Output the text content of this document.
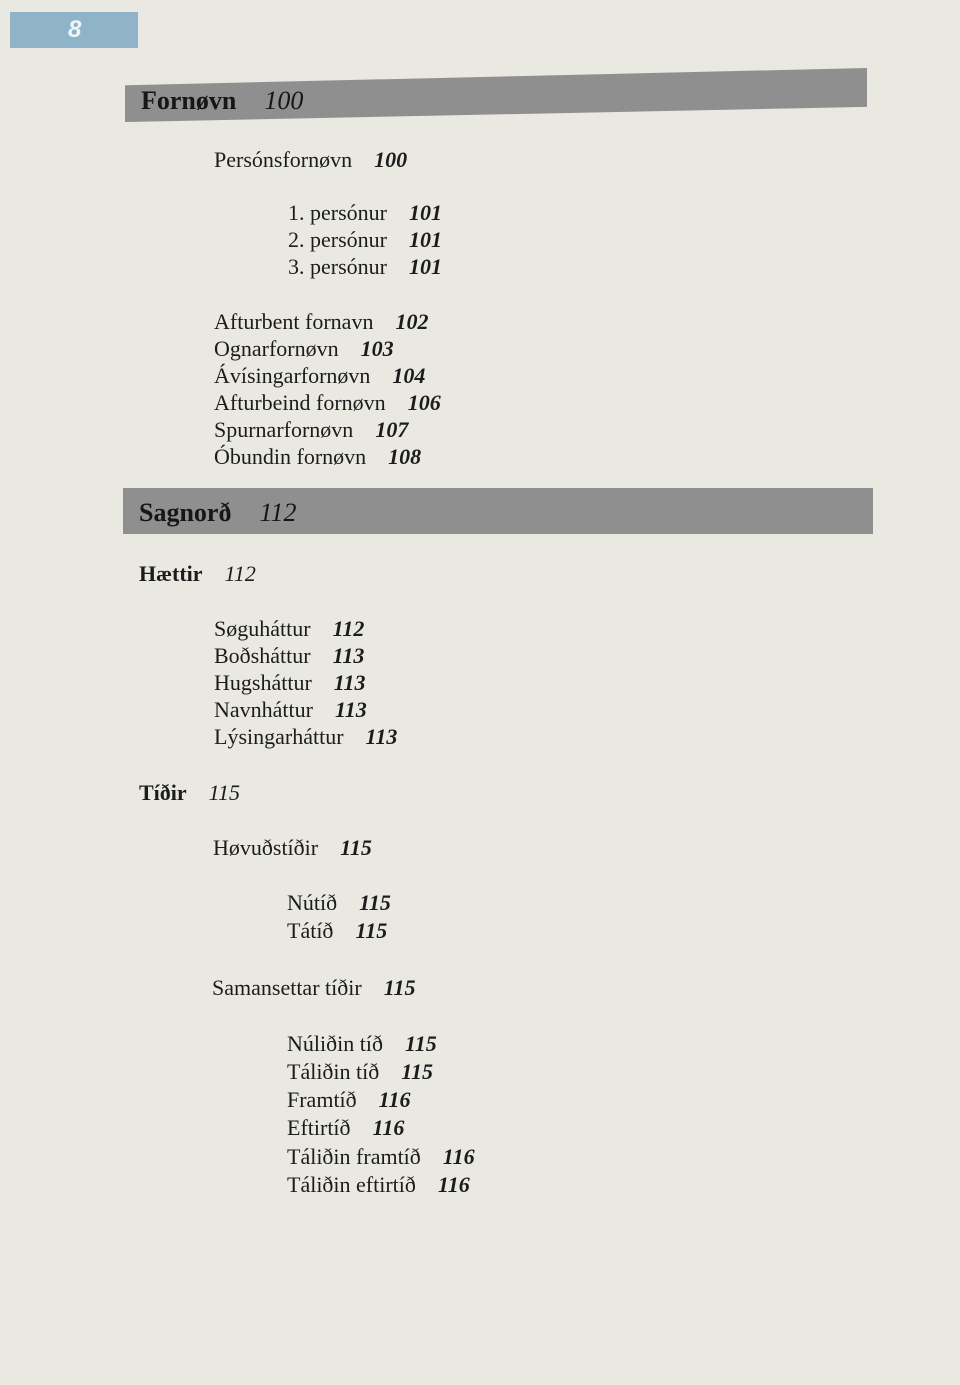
8
Fornøvn 100
Persónsfornøvn 100
1. persónur 101
2. persónur 101
3. persónur 101
Afturbent fornavn 102
Ognarfornøvn 103
Ávísingarfornøvn 104
Afturbeind fornøvn 106
Spurnarfornøvn 107
Óbundin fornøvn 108
Sagnorð 112
Hættir 112
Søguháttur 112
Boðsháttur 113
Hugsháttur 113
Navnháttur 113
Lýsingarháttur 113
Tíðir 115
Høvuðstíðir 115
Nútíð 115
Tátíð 115
Samansettar tíðir 115
Núliðin tíð 115
Táliðin tíð 115
Framtíð 116
Eftirtíð 116
Táliðin framtíð 116
Táliðin eftirtíð 116
